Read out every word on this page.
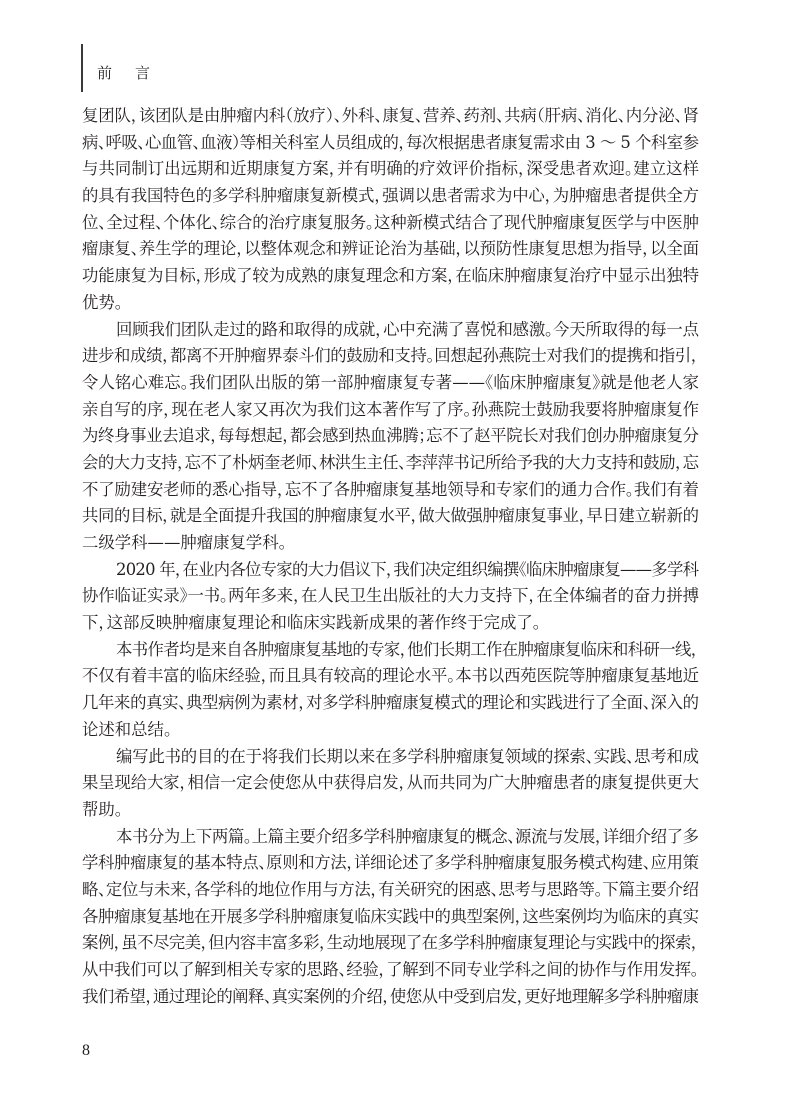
前　言
复团队，该团队是由肿瘤内科（放疗）、外科、康复、营养、药剂、共病（肝病、消化、内分泌、肾
病、呼吸、心血管、血液）等相关科室人员组成的，每次根据患者康复需求由 3 ～ 5 个科室参
与共同制订出远期和近期康复方案，并有明确的疗效评价指标，深受患者欢迎。建立这样
的具有我国特色的多学科肿瘤康复新模式，强调以患者需求为中心，为肿瘤患者提供全方
位、全过程、个体化、综合的治疗康复服务。这种新模式结合了现代肿瘤康复医学与中医肿
瘤康复、养生学的理论，以整体观念和辨证论治为基础，以预防性康复思想为指导，以全面
功能康复为目标，形成了较为成熟的康复理念和方案，在临床肿瘤康复治疗中显示出独特
优势。
回顾我们团队走过的路和取得的成就，心中充满了喜悦和感激。今天所取得的每一点
进步和成绩，都离不开肿瘤界泰斗们的鼓励和支持。回想起孙燕院士对我们的提携和指引，
令人铭心难忘。我们团队出版的第一部肿瘤康复专著——《临床肿瘤康复》就是他老人家
亲自写的序，现在老人家又再次为我们这本著作写了序。孙燕院士鼓励我要将肿瘤康复作
为终身事业去追求，每每想起，都会感到热血沸腾；忘不了赵平院长对我们创办肿瘤康复分
会的大力支持，忘不了朴炳奎老师、林洪生主任、李萍萍书记所给予我的大力支持和鼓励，忘
不了励建安老师的悉心指导，忘不了各肿瘤康复基地领导和专家们的通力合作。我们有着
共同的目标，就是全面提升我国的肿瘤康复水平，做大做强肿瘤康复事业，早日建立崭新的
二级学科——肿瘤康复学科。
2020 年，在业内各位专家的大力倡议下，我们决定组织编撰《临床肿瘤康复——多学科
协作临证实录》一书。两年多来，在人民卫生出版社的大力支持下，在全体编者的奋力拼搏
下，这部反映肿瘤康复理论和临床实践新成果的著作终于完成了。
本书作者均是来自各肿瘤康复基地的专家，他们长期工作在肿瘤康复临床和科研一线，
不仅有着丰富的临床经验，而且具有较高的理论水平。本书以西苑医院等肿瘤康复基地近
几年来的真实、典型病例为素材，对多学科肿瘤康复模式的理论和实践进行了全面、深入的
论述和总结。
编写此书的目的在于将我们长期以来在多学科肿瘤康复领域的探索、实践、思考和成
果呈现给大家，相信一定会使您从中获得启发，从而共同为广大肿瘤患者的康复提供更大
帮助。
本书分为上下两篇。上篇主要介绍多学科肿瘤康复的概念、源流与发展，详细介绍了多
学科肿瘤康复的基本特点、原则和方法，详细论述了多学科肿瘤康复服务模式构建、应用策
略、定位与未来，各学科的地位作用与方法，有关研究的困惑、思考与思路等。下篇主要介绍
各肿瘤康复基地在开展多学科肿瘤康复临床实践中的典型案例，这些案例均为临床的真实
案例，虽不尽完美，但内容丰富多彩，生动地展现了在多学科肿瘤康复理论与实践中的探索，
从中我们可以了解到相关专家的思路、经验，了解到不同专业学科之间的协作与作用发挥。
我们希望，通过理论的阐释、真实案例的介绍，使您从中受到启发，更好地理解多学科肿瘤康
8
